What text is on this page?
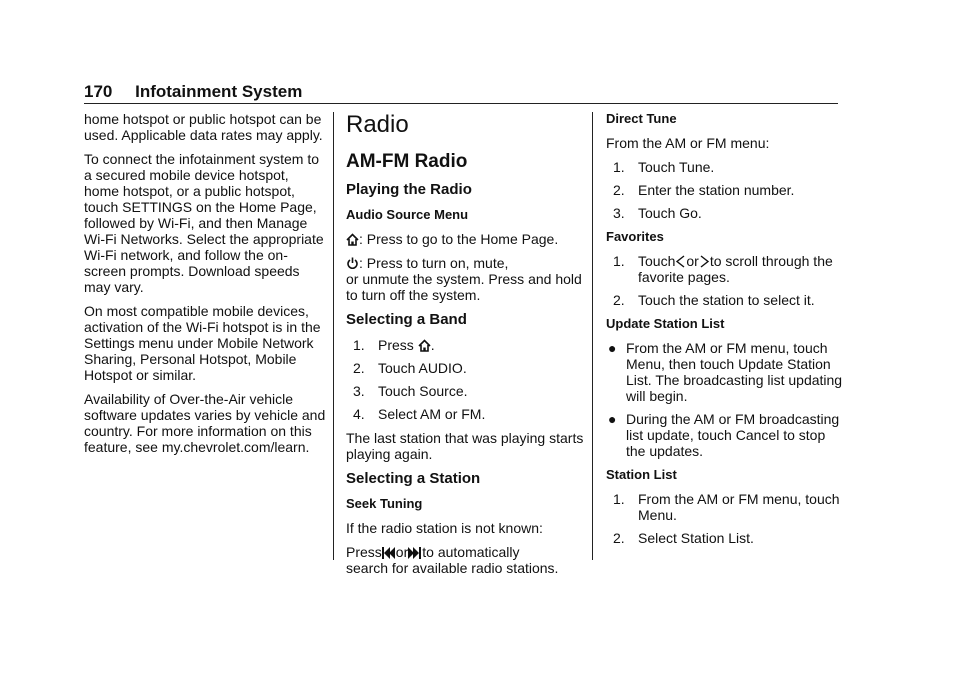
170 Infotainment System

home hotspot or public hotspot can be used. Applicable data rates may apply.

To connect the infotainment system to a secured mobile device hotspot, home hotspot, or a public hotspot, touch SETTINGS on the Home Page, followed by Wi-Fi, and then Manage Wi-Fi Networks. Select the appropriate Wi-Fi network, and follow the on-screen prompts. Download speeds may vary.

On most compatible mobile devices, activation of the Wi-Fi hotspot is in the Settings menu under Mobile Network Sharing, Personal Hotspot, Mobile Hotspot or similar.

Availability of Over-the-Air vehicle software updates varies by vehicle and country. For more information on this feature, see my.chevrolet.com/learn.

Radio
AM-FM Radio
Playing the Radio
Audio Source Menu

: Press to go to the Home Page.

: Press to turn on, mute,
or unmute the system. Press and hold to turn off the system.

Selecting a Band
1. Press .
2. Touch AUDIO.
3. Touch Source.
4. Select AM or FM.

The last station that was playing starts playing again.

Selecting a Station
Seek Tuning

If the radio station is not known:

Press or to automatically
search for available radio stations.

Direct Tune

From the AM or FM menu:

1. Touch Tune.
2. Enter the station number.
3. Touch Go.
Favorites
1. Touch or to scroll through the favorite pages.
2. Touch the station to select it.
Update Station List
● From the AM or FM menu, touch Menu, then touch Update Station List. The broadcasting list updating will begin.
● During the AM or FM broadcasting list update, touch Cancel to stop the updates.
Station List
1. From the AM or FM menu, touch Menu.
2. Select Station List.
